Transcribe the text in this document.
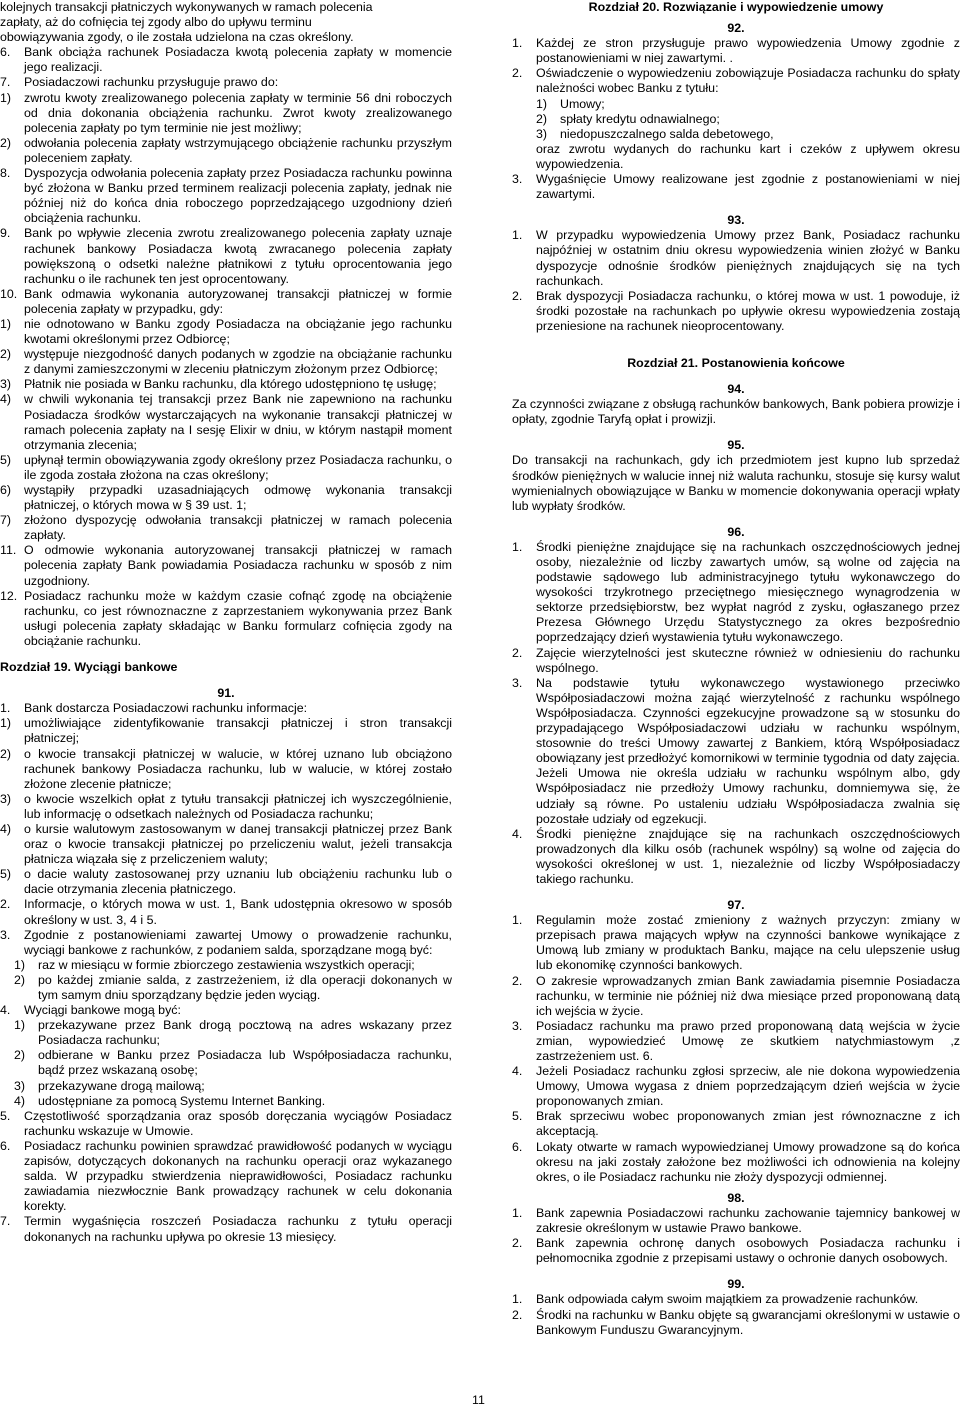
kolejnych transakcji płatniczych wykonywanych w ramach polecenia
zapłaty, aż do cofnięcia tej zgody albo do upływu terminu
obowiązywania zgody, o ile została udzielona na czas określony.
6.	Bank obciąża rachunek Posiadacza kwotą polecenia zapłaty w momencie jego realizacji.
7.	Posiadaczowi rachunku przysługuje prawo do:
1)	zwrotu kwoty zrealizowanego polecenia zapłaty w terminie 56 dni roboczych od dnia dokonania obciążenia rachunku. Zwrot kwoty zrealizowanego polecenia zapłaty po tym terminie nie jest możliwy;
2)	odwołania polecenia zapłaty wstrzymującego obciążenie rachunku przyszłym poleceniem zapłaty.
8.	Dyspozycja odwołania polecenia zapłaty przez Posiadacza rachunku powinna być złożona w Banku przed terminem realizacji polecenia zapłaty, jednak nie później niż do końca dnia roboczego poprzedzającego uzgodniony dzień obciążenia rachunku.
9.	Bank po wpływie zlecenia zwrotu zrealizowanego polecenia zapłaty uznaje rachunek bankowy Posiadacza kwotą zwracanego polecenia zapłaty powiększoną o odsetki należne płatnikowi z tytułu oprocentowania jego rachunku o ile rachunek ten jest oprocentowany.
10. Bank odmawia wykonania autoryzowanej transakcji płatniczej w formie polecenia zapłaty w przypadku, gdy:
1)	nie odnotowano w Banku zgody Posiadacza na obciążanie jego rachunku kwotami określonymi przez Odbiorcę;
2)	występuje niezgodność danych podanych w zgodzie na obciążanie rachunku z danymi zamieszczonymi w zleceniu płatniczym złożonym przez Odbiorcę;
3)	Płatnik nie posiada w Banku rachunku, dla którego udostępniono tę usługę;
4)	w chwili wykonania tej transakcji przez Bank nie zapewniono na rachunku Posiadacza środków wystarczających na wykonanie transakcji płatniczej w ramach polecenia zapłaty na I sesję Elixir w dniu, w którym nastąpił moment otrzymania zlecenia;
5)	upłynął termin obowiązywania zgody określony przez Posiadacza rachunku, o ile zgoda została złożona na czas określony;
6)	wystąpiły przypadki uzasadniających odmowę wykonania transakcji płatniczej, o których mowa w § 39 ust. 1;
7)	złożono dyspozycję odwołania transakcji płatniczej w ramach polecenia zapłaty.
11. O odmowie wykonania autoryzowanej transakcji płatniczej w ramach polecenia zapłaty Bank powiadamia Posiadacza rachunku w sposób z nim uzgodniony.
12. Posiadacz rachunku może w każdym czasie cofnąć zgodę na obciążenie rachunku, co jest równoznaczne z zaprzestaniem wykonywania przez Bank usługi polecenia zapłaty składając w Banku formularz cofnięcia zgody na obciążanie rachunku.
Rozdział 19. Wyciągi bankowe
91.
1.	Bank dostarcza Posiadaczowi rachunku informacje:
1)	umożliwiające zidentyfikowanie transakcji płatniczej i stron transakcji płatniczej;
2)	o kwocie transakcji płatniczej w walucie, w której uznano lub obciążono rachunek bankowy Posiadacza rachunku, lub w walucie, w której zostało złożone zlecenie płatnicze;
3)	o kwocie wszelkich opłat z tytułu transakcji płatniczej ich wyszczególnienie, lub informację o odsetkach należnych od Posiadacza rachunku;
4)	o kursie walutowym zastosowanym w danej transakcji płatniczej przez Bank oraz o kwocie transakcji płatniczej po przeliczeniu walut, jeżeli transakcja płatnicza wiązała się z przeliczeniem waluty;
5)	o dacie waluty zastosowanej przy uznaniu lub obciążeniu rachunku lub o dacie otrzymania zlecenia płatniczego.
2.	Informacje, o których mowa w ust. 1, Bank udostępnia okresowo w sposób określony w ust. 3, 4 i 5.
3.	Zgodnie z postanowieniami zawartej Umowy o prowadzenie rachunku, wyciągi bankowe z rachunków, z podaniem salda, sporządzane mogą być:
1)	raz w miesiącu w formie zbiorczego zestawienia wszystkich operacji;
2)	po każdej zmianie salda, z zastrzeżeniem, iż dla operacji dokonanych w tym samym dniu sporządzany będzie jeden wyciąg.
4.	Wyciągi bankowe mogą być:
1)	przekazywane przez Bank drogą pocztową na adres wskazany przez Posiadacza rachunku;
2)	odbierane w Banku przez Posiadacza lub Współposiadacza rachunku, bądź przez wskazaną osobę;
3)	przekazywane drogą mailową;
4)	udostępniane za pomocą Systemu Internet Banking.
5.	Częstotliwość sporządzania oraz sposób doręczania wyciągów Posiadacz rachunku wskazuje w Umowie.
6.	Posiadacz rachunku powinien sprawdzać prawidłowość podanych w wyciągu zapisów, dotyczących dokonanych na rachunku operacji oraz wykazanego salda. W przypadku stwierdzenia nieprawidłowości, Posiadacz rachunku zawiadamia niezwłocznie Bank prowadzący rachunek w celu dokonania korekty.
7.	Termin wygaśnięcia roszczeń Posiadacza rachunku z tytułu operacji dokonanych na rachunku upływa po okresie 13 miesięcy.
Rozdział 20. Rozwiązanie i wypowiedzenie umowy
92.
1.	Każdej ze stron przysługuje prawo wypowiedzenia Umowy zgodnie z postanowieniami w niej zawartymi. .
2.	Oświadczenie o wypowiedzeniu zobowiązuje Posiadacza rachunku do spłaty należności wobec Banku z tytułu:
1)	Umowy;
2)	spłaty kredytu odnawialnego;
3)	niedopuszczalnego salda debetowego,
oraz zwrotu wydanych do rachunku kart i czeków z upływem okresu wypowiedzenia.
3.	Wygaśnięcie Umowy realizowane jest zgodnie z postanowieniami w niej zawartymi.
93.
1.	W przypadku wypowiedzenia Umowy przez Bank, Posiadacz rachunku najpóźniej w ostatnim dniu okresu wypowiedzenia winien złożyć w Banku dyspozycje odnośnie środków pieniężnych znajdujących się na tych rachunkach.
2.	Brak dyspozycji Posiadacza rachunku, o której mowa w ust. 1 powoduje, iż środki pozostałe na rachunkach po upływie okresu wypowiedzenia zostają przeniesione na rachunek nieoprocentowany.
Rozdział 21. Postanowienia końcowe
94.
Za czynności związane z obsługą rachunków bankowych, Bank pobiera prowizje i opłaty, zgodnie Taryfą opłat i prowizji.
95.
Do transakcji na rachunkach, gdy ich przedmiotem jest kupno lub sprzedaż środków pieniężnych w walucie innej niż waluta rachunku, stosuje się kursy walut wymienialnych obowiązujące w Banku w momencie dokonywania operacji wpłaty lub wypłaty środków.
96.
1.	Środki pieniężne znajdujące się na rachunkach oszczędnościowych jednej osoby, niezależnie od liczby zawartych umów, są wolne od zajęcia na podstawie sądowego lub administracyjnego tytułu wykonawczego do wysokości trzykrotnego przeciętnego miesięcznego wynagrodzenia w sektorze przedsiębiorstw, bez wypłat nagród z zysku, ogłaszanego przez Prezesa Głównego Urzędu Statystycznego za okres bezpośrednio poprzedzający dzień wystawienia tytułu wykonawczego.
2.	Zajęcie wierzytelności jest skuteczne również w odniesieniu do rachunku wspólnego.
3.	Na podstawie tytułu wykonawczego wystawionego przeciwko Współposiadaczowi można zająć wierzytelność z rachunku wspólnego Współposiadacza. Czynności egzekucyjne prowadzone są w stosunku do przypadającego Współposiadaczowi udziału w rachunku wspólnym, stosownie do treści Umowy zawartej z Bankiem, którą Współposiadacz obowiązany jest przedłożyć komornikowi w terminie tygodnia od daty zajęcia. Jeżeli Umowa nie określa udziału w rachunku wspólnym albo, gdy Współposiadacz nie przedłoży Umowy rachunku, domniemywa się, że udziały są równe. Po ustaleniu udziału Współposiadacza zwalnia się pozostałe udziały od egzekucji.
4.	Środki pieniężne znajdujące się na rachunkach oszczędnościowych prowadzonych dla kilku osób (rachunek wspólny) są wolne od zajęcia do wysokości określonej w ust. 1, niezależnie od liczby Współposiadaczy takiego rachunku.
97.
1.	Regulamin może zostać zmieniony z ważnych przyczyn: zmiany w przepisach prawa mających wpływ na czynności bankowe wynikające z Umową lub zmiany w produktach Banku, mające na celu ulepszenie usług lub ekonomikę czynności bankowych.
2.	O zakresie wprowadzanych zmian Bank zawiadamia pisemnie Posiadacza rachunku, w terminie nie później niż dwa miesiące przed proponowaną datą ich wejścia w życie.
3.	Posiadacz rachunku ma prawo przed proponowaną datą wejścia w życie zmian, wypowiedzieć Umowę ze skutkiem natychmiastowym ,z zastrzeżeniem ust. 6.
4.	Jeżeli Posiadacz rachunku zgłosi sprzeciw, ale nie dokona wypowiedzenia Umowy, Umowa wygasa z dniem poprzedzającym dzień wejścia w życie proponowanych zmian.
5.	Brak sprzeciwu wobec proponowanych zmian jest równoznaczne z ich akceptacją.
6.	Lokaty otwarte w ramach wypowiedzianej Umowy prowadzone są do końca okresu na jaki zostały założone bez możliwości ich odnowienia na kolejny okres, o ile Posiadacz rachunku nie złoży dyspozycji odmiennej.
98.
1.	Bank zapewnia Posiadaczowi rachunku zachowanie tajemnicy bankowej w zakresie określonym w ustawie Prawo bankowe.
2.	Bank zapewnia ochronę danych osobowych Posiadacza rachunku i pełnomocnika zgodnie z przepisami ustawy o ochronie danych osobowych.
99.
1.	Bank odpowiada całym swoim majątkiem za prowadzenie rachunków.
2.	Środki na rachunku w Banku objęte są gwarancjami określonymi w ustawie o Bankowym Funduszu Gwarancyjnym.
11
